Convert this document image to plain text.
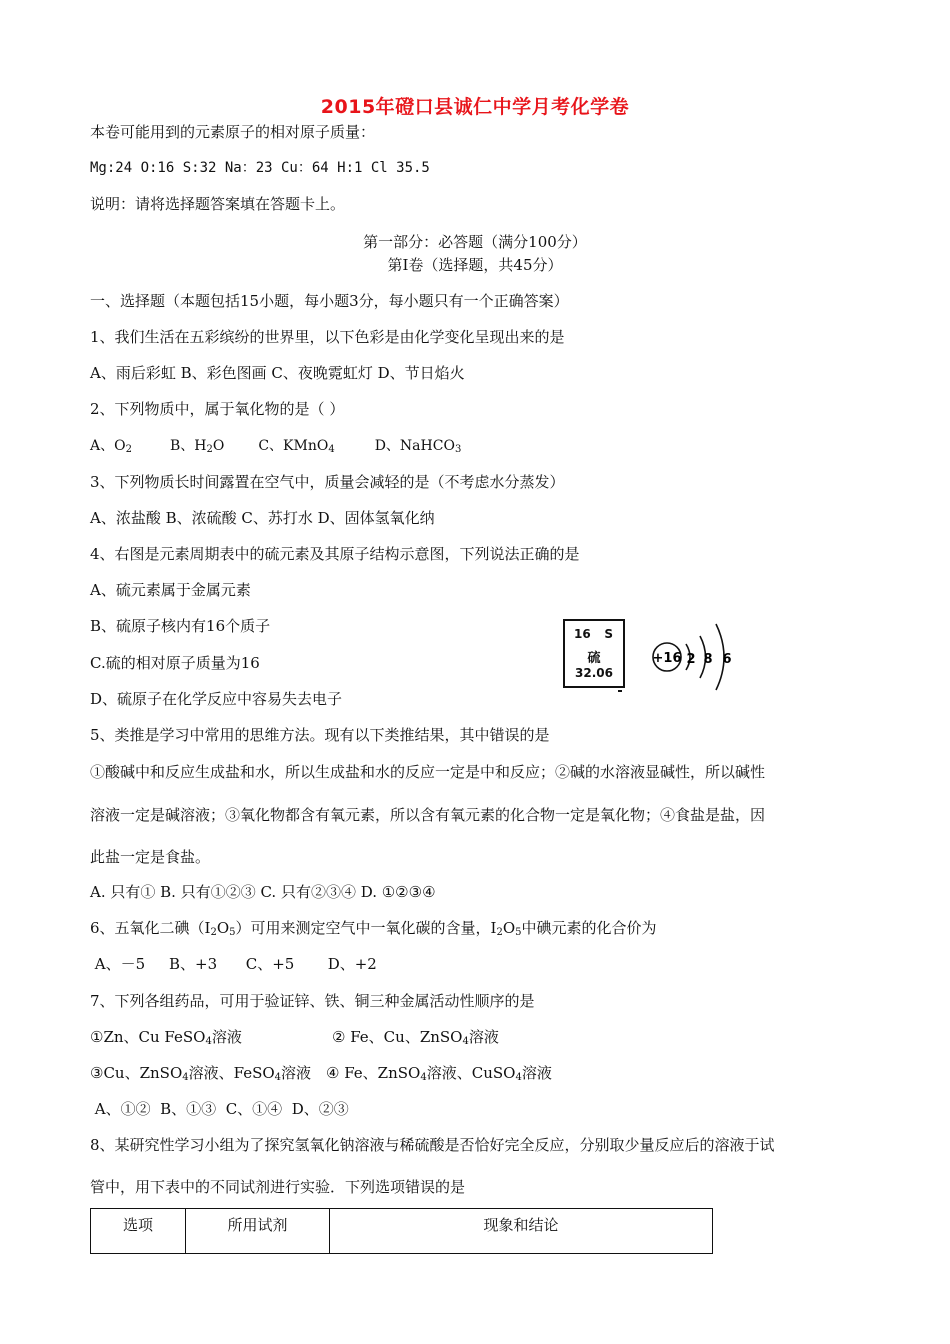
2015年磴口县诚仁中学月考化学卷
本卷可能用到的元素原子的相对原子质量：
Mg:24 O:16 S:32 Na：23 Cu：64 H:1 Cl 35.5
说明：请将选择题答案填在答题卡上。
第一部分：必答题（满分100分）
第Ⅰ卷（选择题，共45分）
一、选择题（本题包括15小题，每小题3分，每小题只有一个正确答案）
1、我们生活在五彩缤纷的世界里，以下色彩是由化学变化呈现出来的是
A、雨后彩虹 B、彩色图画 C、夜晚霓虹灯 D、节日焰火
2、下列物质中，属于氧化物的是（ ）
A、$O_2$	B、$H_2O$ C、KMnO$_4$	D、NaHCO$_3$
3、下列物质长时间露置在空气中，质量会减轻的是（不考虑水分蒸发）
A、浓盐酸 B、浓硫酸 C、苏打水 D、固体氢氧化纳
4、右图是元素周期表中的硫元素及其原子结构示意图，下列说法正确的是
A、硫元素属于金属元素
B、硫原子核内有16个质子
C.硫的相对原子质量为16
D、硫原子在化学反应中容易失去电子
16 S
硫
32.06
+16 2 8 6
5、类推是学习中常用的思维方法。现有以下类推结果，其中错误的是
①酸碱中和反应生成盐和水，所以生成盐和水的反应一定是中和反应；②碱的水溶液显碱性，所以碱性
溶液一定是碱溶液；③氧化物都含有氧元素，所以含有氧元素的化合物一定是氧化物；④食盐是盐，因
此盐一定是食盐。
A. 只有① B. 只有①②③ C. 只有②③④ D. ①②③④
6、五氧化二碘$(I_2O_5)$可用来测定空气中一氧化碳的含量，$I_2O_5$中碘元素的化合价为
A、－5     B、+3      C、+5       D、+2
7、下列各组药品，可用于验证锌、铁、铜三种金属活动性顺序的是
①Zn、Cu FeSO$_4$溶液	② Fe、Cu、ZnSO$_4$溶液
③Cu、ZnSO$_4$溶液、FeSO$_4$溶液 ④ Fe、ZnSO$_4$溶液、CuSO$_4$溶液
A、①②  B、①③  C、①④  D、②③
8、某研究性学习小组为了探究氢氧化钠溶液与稀硫酸是否恰好完全反应，分别取少量反应后的溶液于试
管中，用下表中的不同试剂进行实验．下列选项错误的是
选项	所用试剂	现象和结论
